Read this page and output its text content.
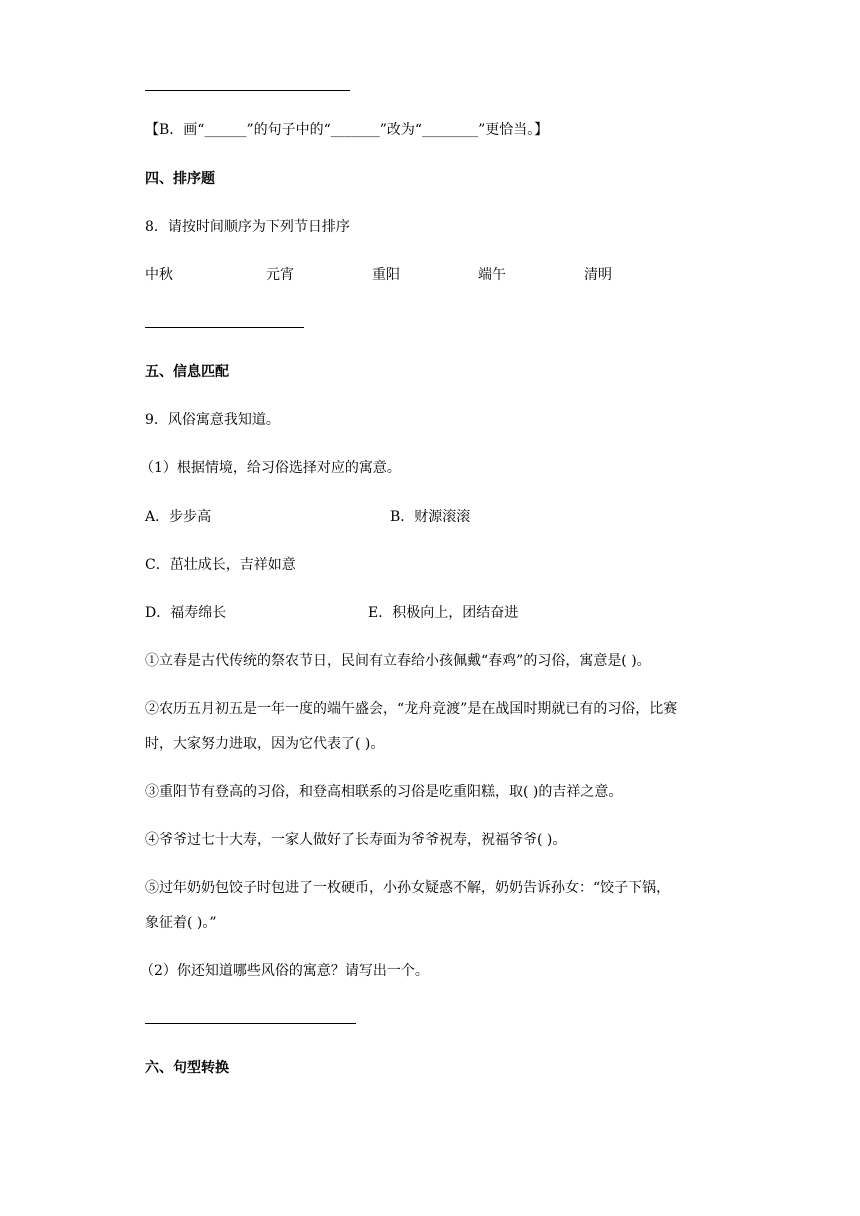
【B．画“______”的句子中的“_______”改为“________”更恰当。】
四、排序题
8．请按时间顺序为下列节日排序
中秋	元宵	重阳	端午	清明
五、信息匹配
9．风俗寓意我知道。
（1）根据情境，给习俗选择对应的寓意。
A．步步高	B．财源滚滚
C．茁壮成长，吉祥如意
D．福寿绵长	E．积极向上，团结奋进
①立春是古代传统的祭农节日，民间有立春给小孩佩戴“春鸡”的习俗，寓意是( )。
②农历五月初五是一年一度的端午盛会，“龙舟竞渡”是在战国时期就已有的习俗，比赛
时，大家努力进取，因为它代表了( )。
③重阳节有登高的习俗，和登高相联系的习俗是吃重阳糕，取( )的吉祥之意。
④爷爷过七十大寿，一家人做好了长寿面为爷爷祝寿，祝福爷爷( )。
⑤过年奶奶包饺子时包进了一枚硬币，小孙女疑惑不解，奶奶告诉孙女：“饺子下锅，
象征着( )。”
（2）你还知道哪些风俗的寓意？请写出一个。
六、句型转换
